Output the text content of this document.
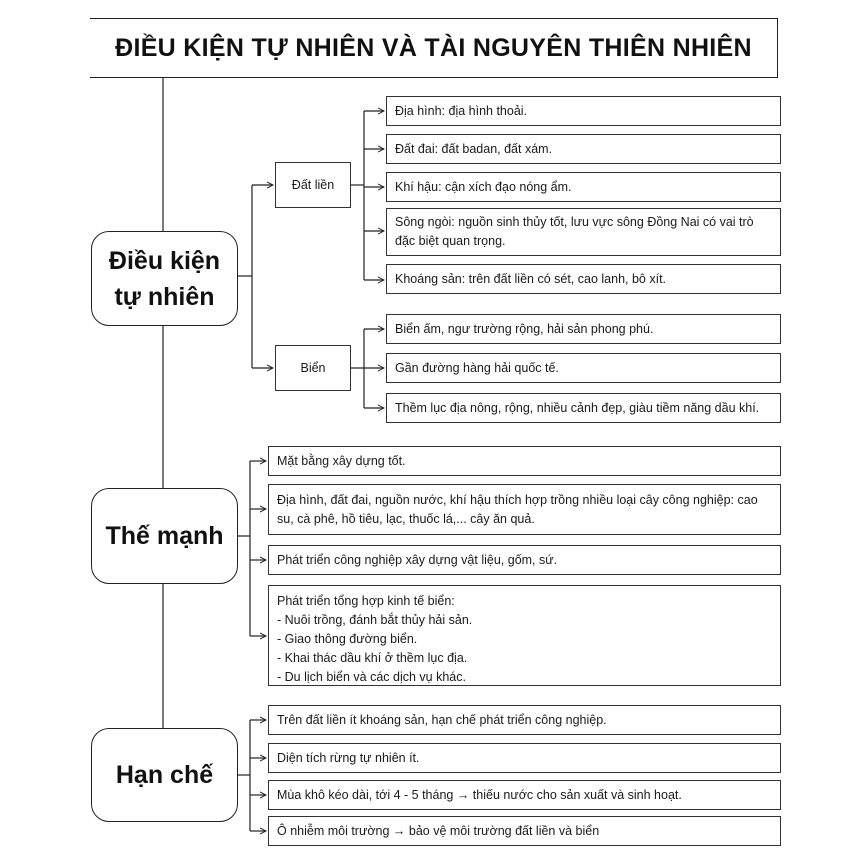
ĐIỀU KIỆN TỰ NHIÊN VÀ TÀI NGUYÊN THIÊN NHIÊN
Điều kiện tự nhiên
Thế mạnh
Hạn chế
Đất liền
Biển
Địa hình: địa hình thoải.
Đất đai: đất badan, đất xám.
Khí hậu: cận xích đạo nóng ẩm.
Sông ngòi: nguồn sinh thủy tốt, lưu vực sông Đồng Nai có vai trò đặc biệt quan trọng.
Khoáng sản: trên đất liền có sét, cao lanh, bô xít.
Biển ấm, ngư trường rộng, hải sản phong phú.
Gần đường hàng hải quốc tế.
Thềm lục địa nông, rộng, nhiều cảnh đẹp, giàu tiềm năng dầu khí.
Mặt bằng xây dựng tốt.
Địa hình, đất đai, nguồn nước, khí hậu thích hợp trồng nhiều loại cây công nghiệp: cao su, cà phê, hồ tiêu, lạc, thuốc lá,... cây ăn quả.
Phát triển công nghiệp xây dựng vật liệu, gốm, sứ.
Phát triển tổng hợp kinh tế biển:
- Nuôi trồng, đánh bắt thủy hải sản.
- Giao thông đường biển.
- Khai thác dầu khí ở thềm lục địa.
- Du lịch biển và các dịch vụ khác.
Trên đất liền ít khoáng sản, hạn chế phát triển công nghiệp.
Diện tích rừng tự nhiên ít.
Mùa khô kéo dài, tới 4 - 5 tháng → thiếu nước cho sản xuất và sinh hoạt.
Ô nhiễm môi trường → bảo vệ môi trường đất liền và biển
